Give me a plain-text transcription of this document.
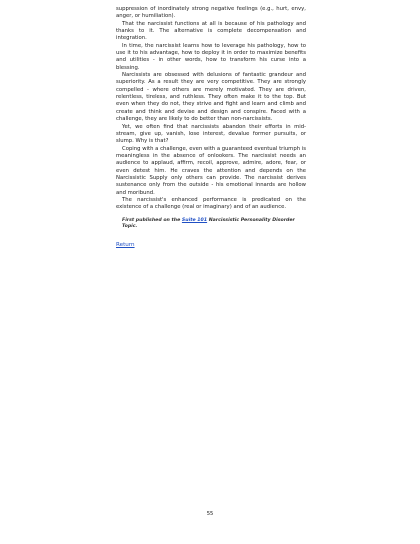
suppression of inordinately strong negative feelings (e.g., hurt, envy, anger, or humiliation).

That the narcissist functions at all is because of his pathology and thanks to it. The alternative is complete decompensation and integration.

In time, the narcissist learns how to leverage his pathology, how to use it to his advantage, how to deploy it in order to maximize benefits and utilities - in other words, how to transform his curse into a blessing.

Narcissists are obsessed with delusions of fantastic grandeur and superiority. As a result they are very competitive. They are strongly compelled - where others are merely motivated. They are driven, relentless, tireless, and ruthless. They often make it to the top. But even when they do not, they strive and fight and learn and climb and create and think and devise and design and conspire. Faced with a challenge, they are likely to do better than non-narcissists.

Yet, we often find that narcissists abandon their efforts in mid-stream, give up, vanish, lose interest, devalue former pursuits, or slump. Why is that?

Coping with a challenge, even with a guaranteed eventual triumph is meaningless in the absence of onlookers. The narcissist needs an audience to applaud, affirm, recoil, approve, admire, adore, fear, or even detest him. He craves the attention and depends on the Narcissistic Supply only others can provide. The narcissist derives sustenance only from the outside - his emotional innards are hollow and moribund.

The narcissist's enhanced performance is predicated on the existence of a challenge (real or imaginary) and of an audience.

First published on the Suite 101 Narcissistic Personality Disorder Topic.

Return
55
